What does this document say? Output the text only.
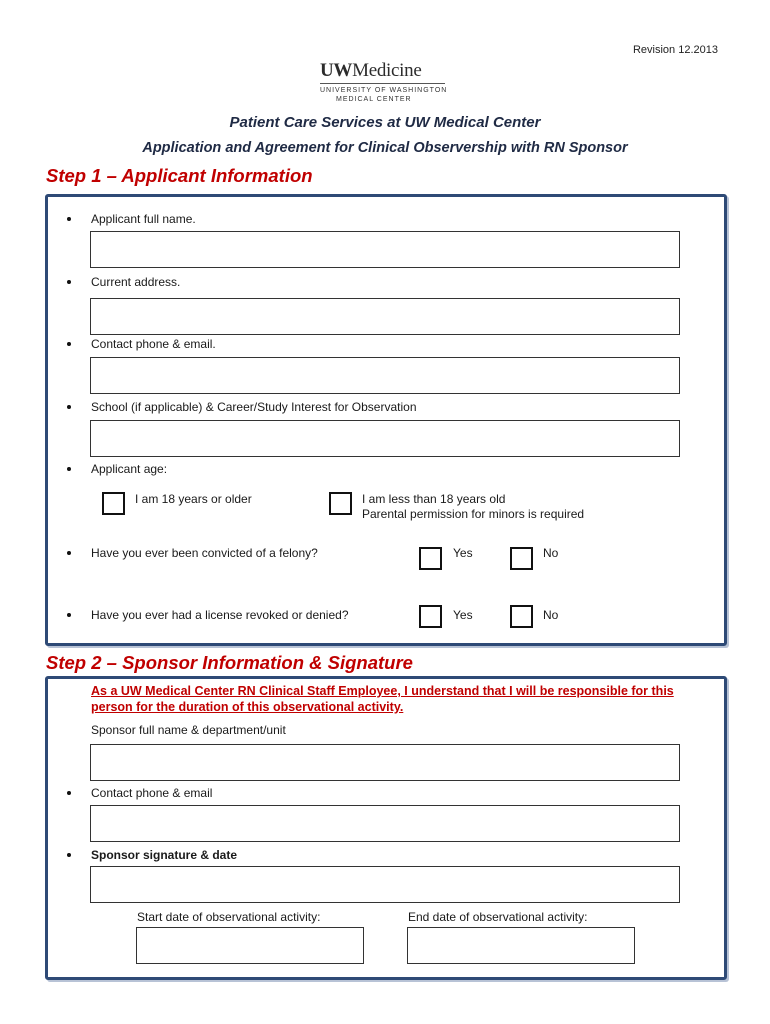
Revision 12.2013
UWMedicine
UNIVERSITY OF WASHINGTON
MEDICAL CENTER
Patient Care Services at UW Medical Center
Application and Agreement for Clinical Observership with RN Sponsor
Step 1 – Applicant Information
Applicant full name.
Current address.
Contact phone & email.
School (if applicable) & Career/Study Interest for Observation
Applicant age:
I am 18 years or older	I am less than 18 years old
Parental permission for minors is required
Have you ever been convicted of a felony?	Yes	No
Have you ever had a license revoked or denied?	Yes	No
Step 2 – Sponsor Information & Signature
As a UW Medical Center RN Clinical Staff Employee, I understand that I will be responsible for this person for the duration of this observational activity.
Sponsor full name & department/unit
Contact phone & email
Sponsor signature & date
Start date of observational activity:	End date of observational activity:
